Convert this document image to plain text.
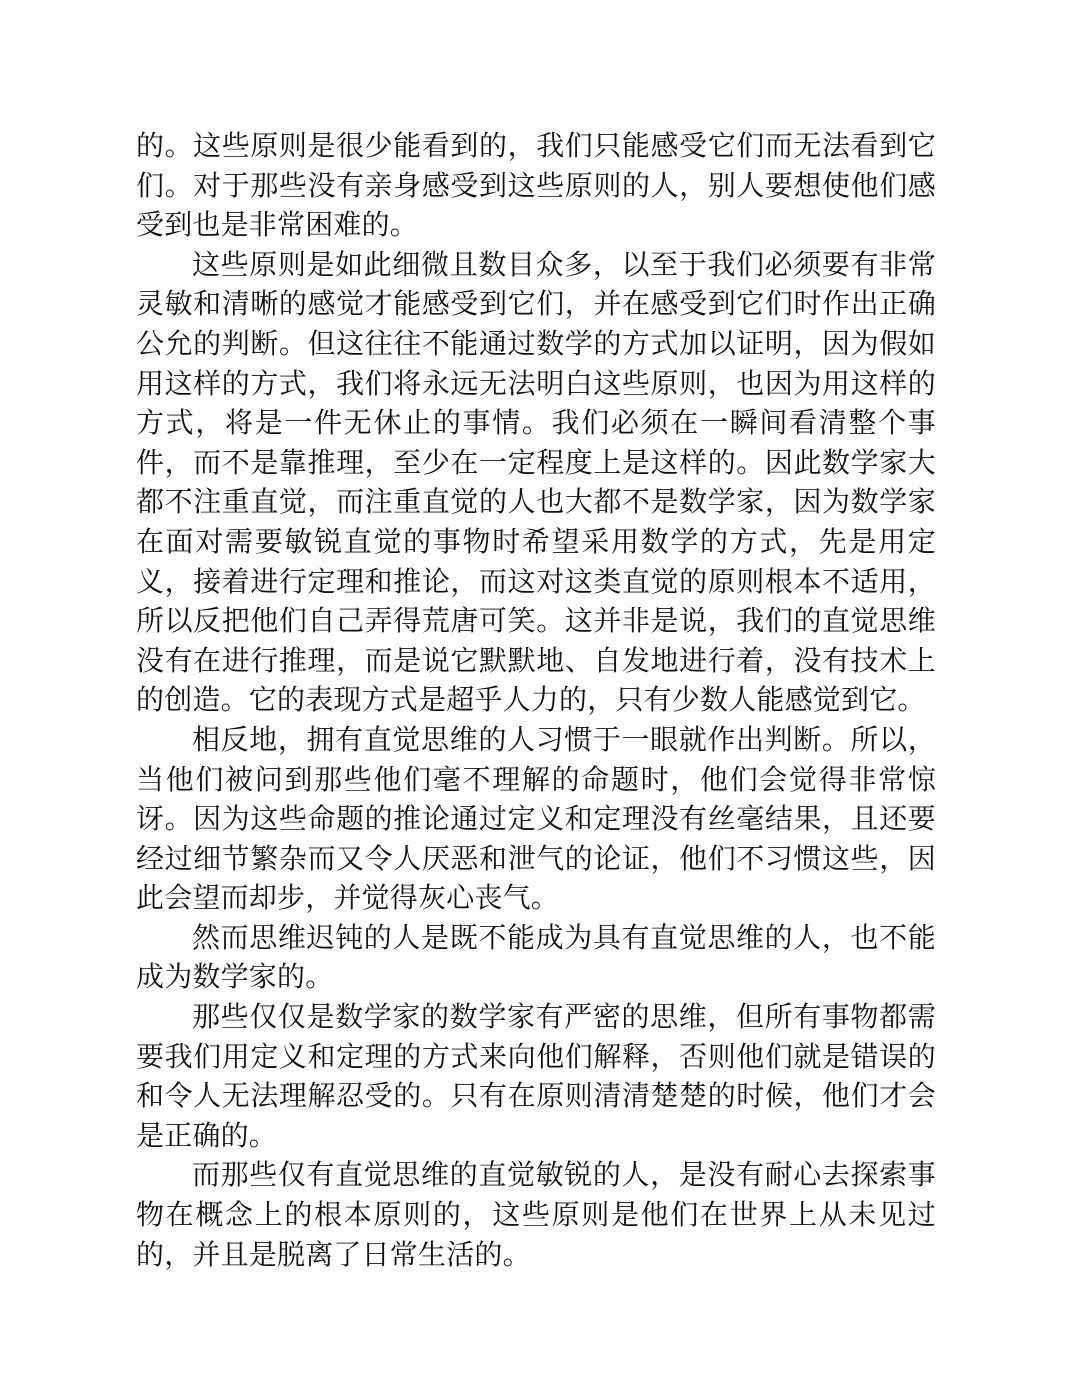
的。这些原则是很少能看到的，我们只能感受它们而无法看到它们。对于那些没有亲身感受到这些原则的人，别人要想使他们感受到也是非常困难的。

这些原则是如此细微且数目众多，以至于我们必须要有非常灵敏和清晰的感觉才能感受到它们，并在感受到它们时作出正确公允的判断。但这往往不能通过数学的方式加以证明，因为假如用这样的方式，我们将永远无法明白这些原则，也因为用这样的方式，将是一件无休止的事情。我们必须在一瞬间看清整个事件，而不是靠推理，至少在一定程度上是这样的。因此数学家大都不注重直觉，而注重直觉的人也大都不是数学家，因为数学家在面对需要敏锐直觉的事物时希望采用数学的方式，先是用定义，接着进行定理和推论，而这对这类直觉的原则根本不适用，所以反把他们自己弄得荒唐可笑。这并非是说，我们的直觉思维没有在进行推理，而是说它默默地、自发地进行着，没有技术上的创造。它的表现方式是超乎人力的，只有少数人能感觉到它。

相反地，拥有直觉思维的人习惯于一眼就作出判断。所以，当他们被问到那些他们毫不理解的命题时，他们会觉得非常惊讶。因为这些命题的推论通过定义和定理没有丝毫结果，且还要经过细节繁杂而又令人厌恶和泄气的论证，他们不习惯这些，因此会望而却步，并觉得灰心丧气。

然而思维迟钝的人是既不能成为具有直觉思维的人，也不能成为数学家的。

那些仅仅是数学家的数学家有严密的思维，但所有事物都需要我们用定义和定理的方式来向他们解释，否则他们就是错误的和令人无法理解忍受的。只有在原则清清楚楚的时候，他们才会是正确的。

而那些仅有直觉思维的直觉敏锐的人，是没有耐心去探索事物在概念上的根本原则的，这些原则是他们在世界上从未见过的，并且是脱离了日常生活的。
